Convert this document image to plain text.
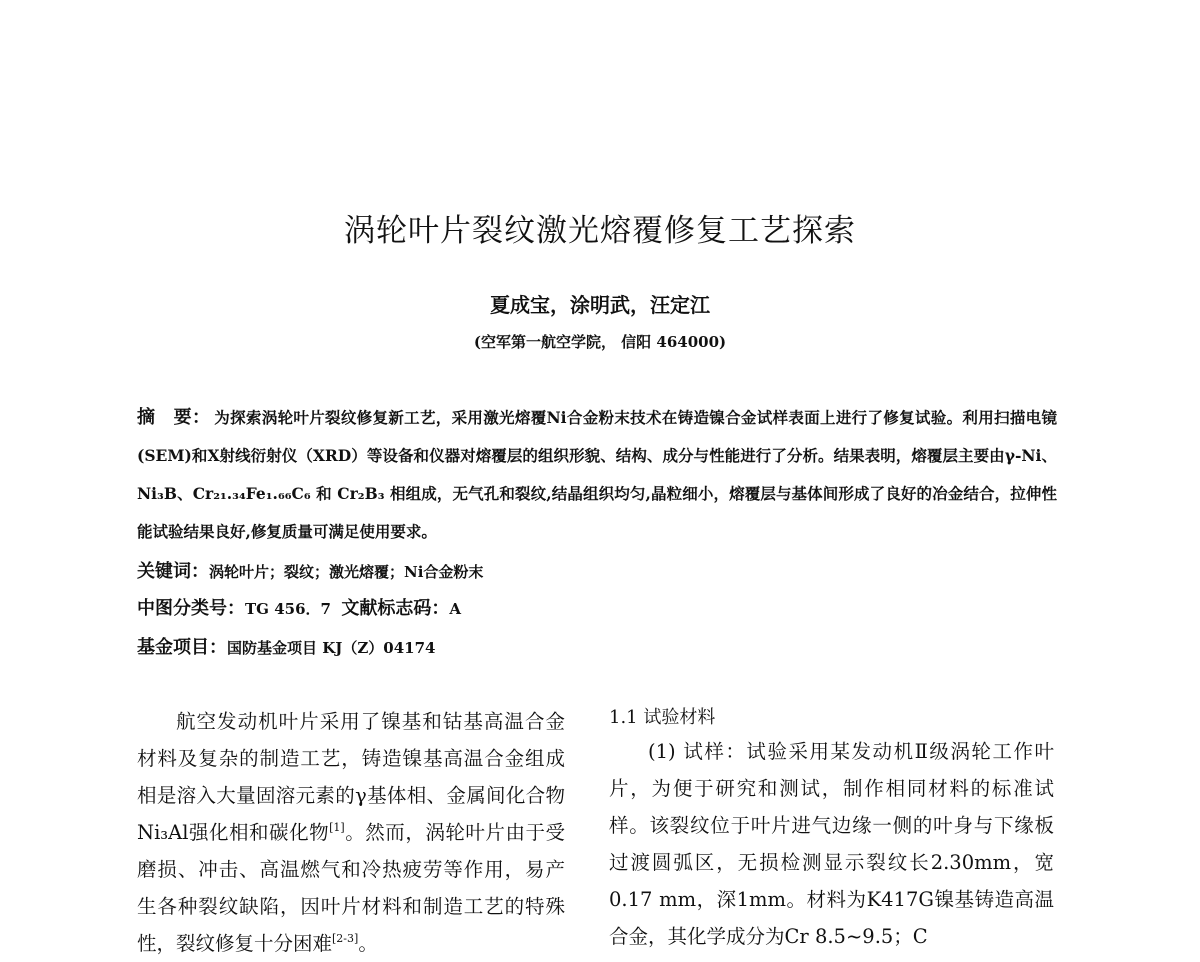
涡轮叶片裂纹激光熔覆修复工艺探索
夏成宝，涂明武，汪定江
(空军第一航空学院， 信阳 464000)
摘　要： 为探索涡轮叶片裂纹修复新工艺，采用激光熔覆Ni合金粉末技术在铸造镍合金试样表面上进行了修复试验。利用扫描电镜(SEM)和X射线衍射仪（XRD）等设备和仪器对熔覆层的组织形貌、结构、成分与性能进行了分析。结果表明，熔覆层主要由γ-Ni、Ni₃B、Cr₂₁.₃₄Fe₁.₆₆C₆ 和 Cr₂B₃ 相组成，无气孔和裂纹,结晶组织均匀,晶粒细小，熔覆层与基体间形成了良好的冶金结合，拉伸性能试验结果良好,修复质量可满足使用要求。
关键词：涡轮叶片；裂纹；激光熔覆；Ni合金粉末
中图分类号：TG 456．7 文献标志码：A
基金项目：国防基金项目 KJ（Z）04174
航空发动机叶片采用了镍基和钴基高温合金材料及复杂的制造工艺，铸造镍基高温合金组成相是溶入大量固溶元素的γ基体相、金属间化合物Ni₃Al强化相和碳化物[1]。然而，涡轮叶片由于受磨损、冲击、高温燃气和冷热疲劳等作用，易产生各种裂纹缺陷，因叶片材料和制造工艺的特殊性，裂纹修复十分困难[2-3]。

1.1 试验材料

(1) 试样：试验采用某发动机Ⅱ级涡轮工作叶片，为便于研究和测试，制作相同材料的标准试样。该裂纹位于叶片进气边缘一侧的叶身与下缘板过渡圆弧区，无损检测显示裂纹长2.30mm，宽0.17 mm，深1mm。材料为K417G镍基铸造高温合金，其化学成分为Cr 8.5~9.5；C
